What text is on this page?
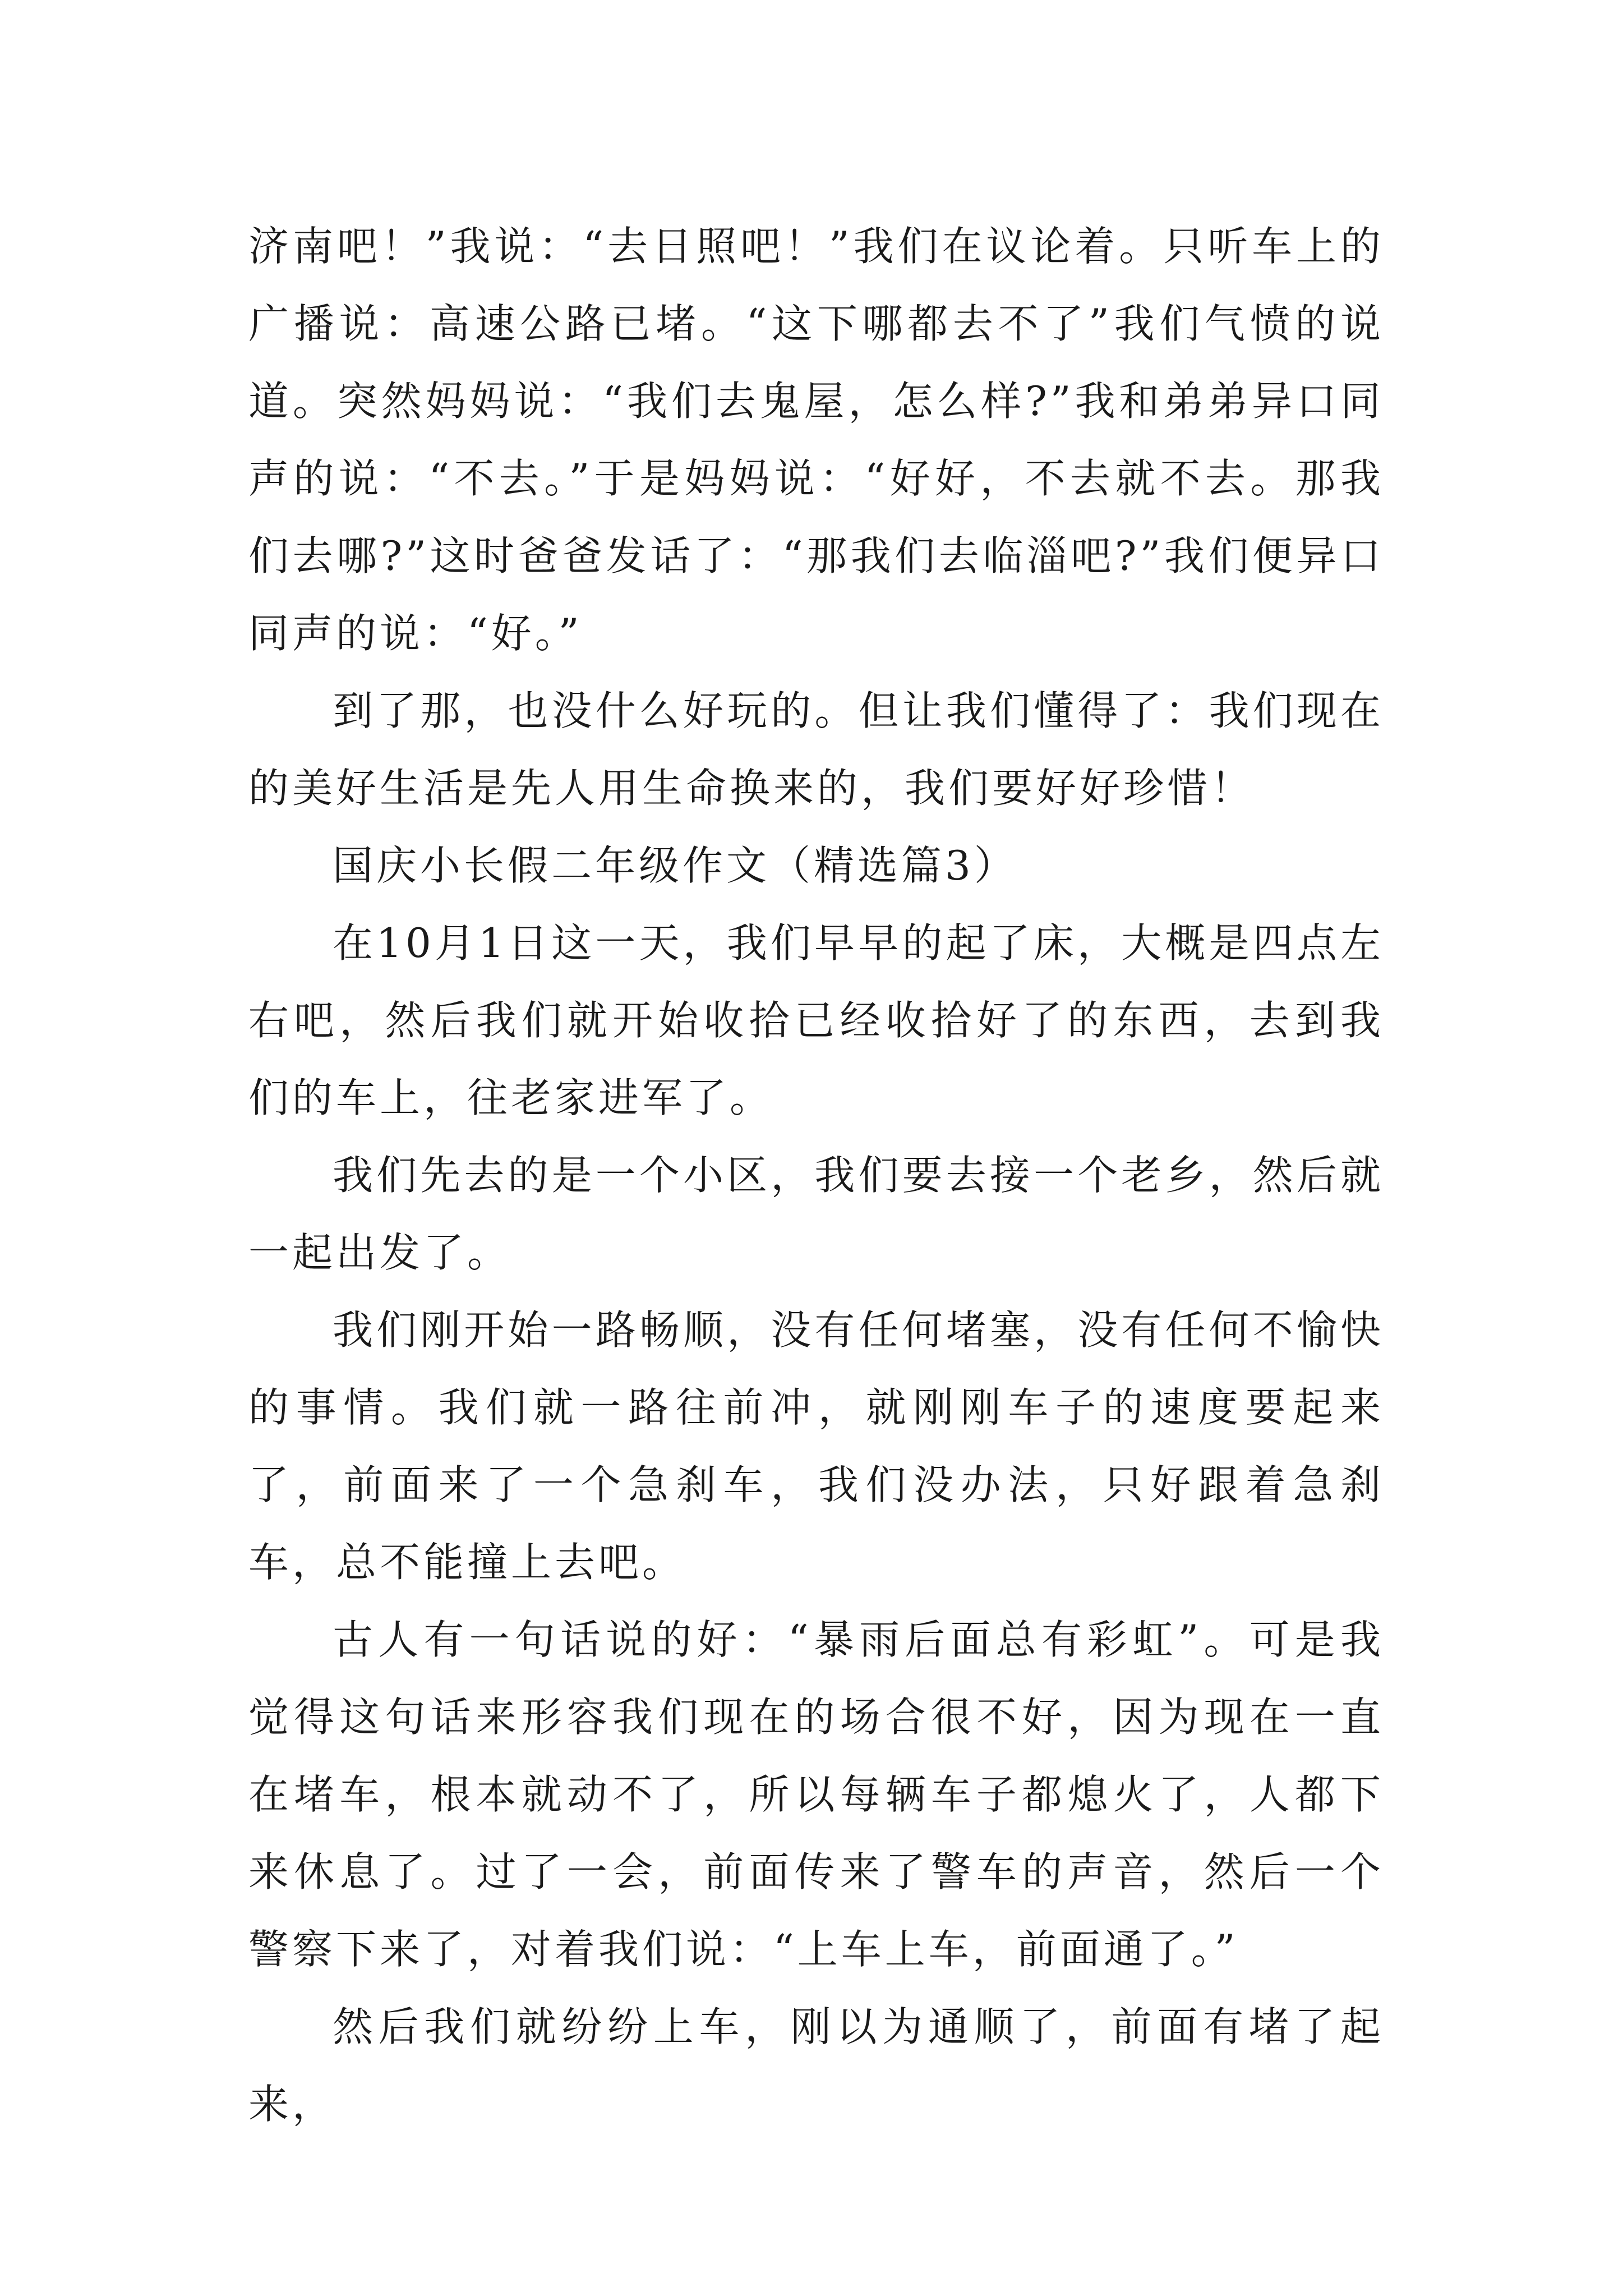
济南吧！”我说：“去日照吧！”我们在议论着。只听车上的广播说：高速公路已堵。“这下哪都去不了”我们气愤的说道。突然妈妈说：“我们去鬼屋，怎么样?”我和弟弟异口同声的说：“不去。”于是妈妈说：“好好，不去就不去。那我们去哪?”这时爸爸发话了：“那我们去临淄吧?”我们便异口同声的说：“好。”

到了那，也没什么好玩的。但让我们懂得了：我们现在的美好生活是先人用生命换来的，我们要好好珍惜！

国庆小长假二年级作文（精选篇3）

在10月1日这一天，我们早早的起了床，大概是四点左右吧，然后我们就开始收拾已经收拾好了的东西，去到我们的车上，往老家进军了。

我们先去的是一个小区，我们要去接一个老乡，然后就一起出发了。

我们刚开始一路畅顺，没有任何堵塞，没有任何不愉快的事情。我们就一路往前冲，就刚刚车子的速度要起来了，前面来了一个急刹车，我们没办法，只好跟着急刹车，总不能撞上去吧。

古人有一句话说的好：“暴雨后面总有彩虹”。可是我觉得这句话来形容我们现在的场合很不好，因为现在一直在堵车，根本就动不了，所以每辆车子都熄火了，人都下来休息了。过了一会，前面传来了警车的声音，然后一个警察下来了，对着我们说：“上车上车，前面通了。”

然后我们就纷纷上车，刚以为通顺了，前面有堵了起来，
